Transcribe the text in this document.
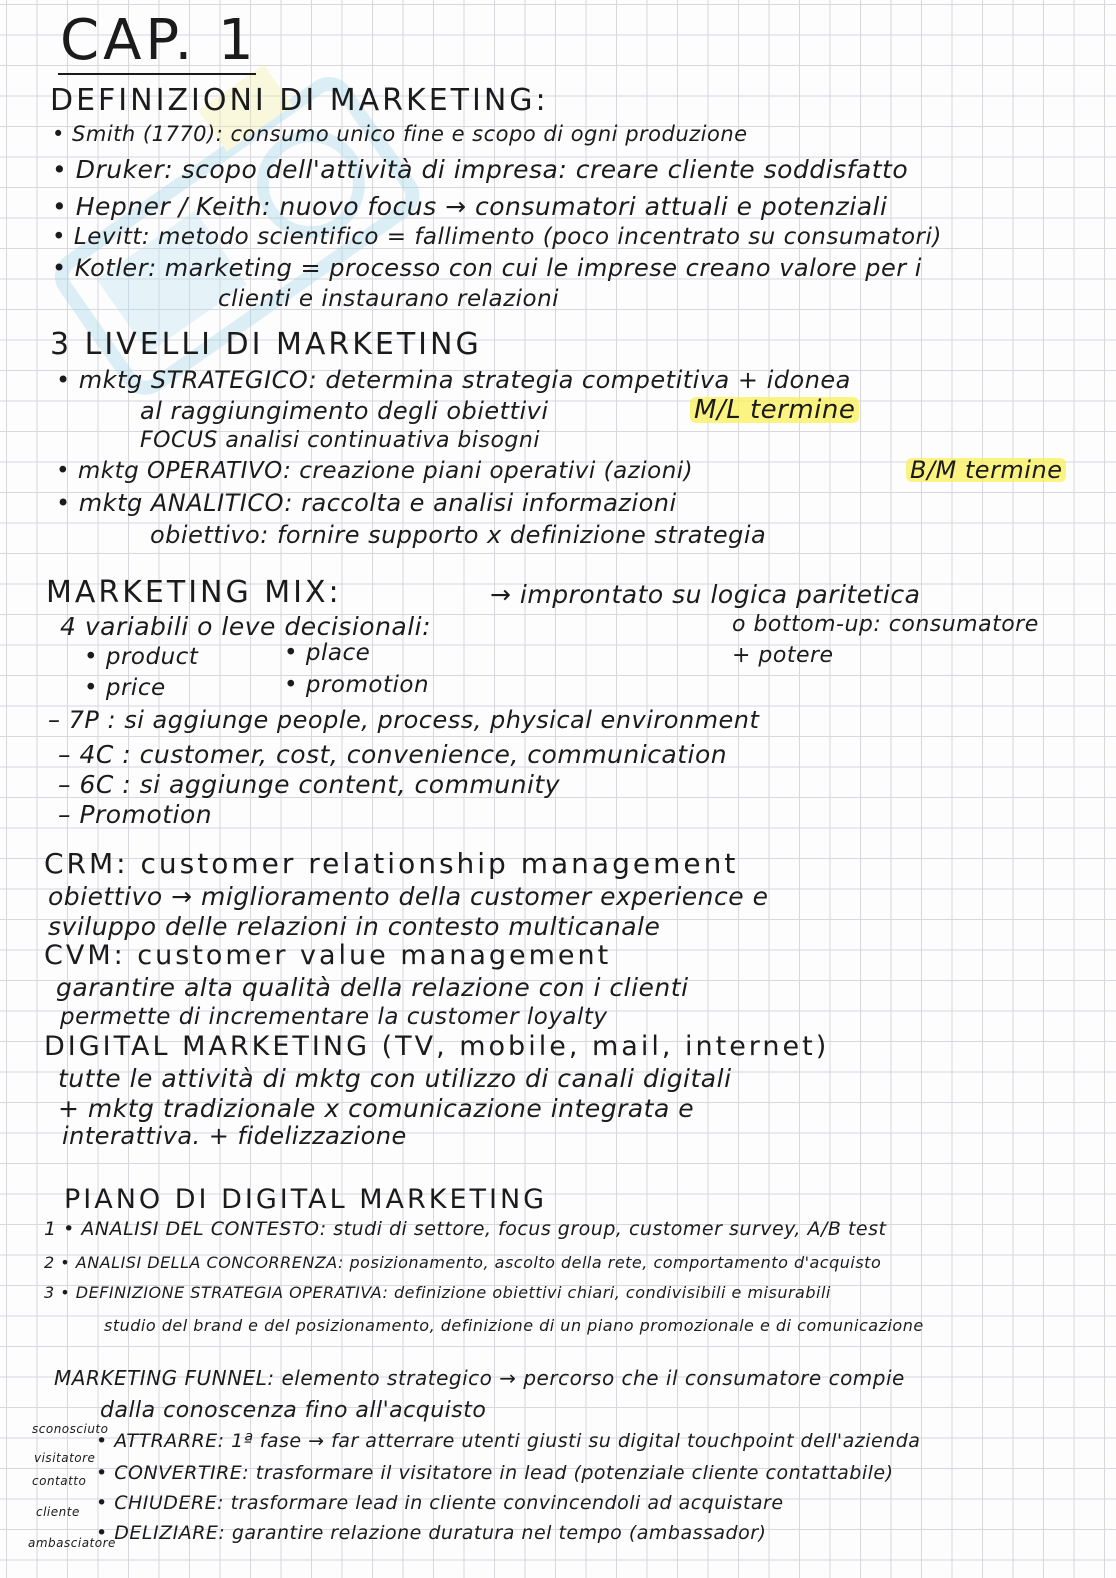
CAP. 1
DEFINIZIONI DI MARKETING:
• Smith (1770): consumo unico fine e scopo di ogni produzione
• Druker: scopo dell'attività di impresa: creare cliente soddisfatto
• Hepner / Keith: nuovo focus → consumatori attuali e potenziali
• Levitt: metodo scientifico = fallimento (poco incentrato su consumatori)
• Kotler: marketing = processo con cui le imprese creano valore per i
clienti e instaurano relazioni
3 LIVELLI DI MARKETING
• mktg STRATEGICO: determina strategia competitiva + idonea
al raggiungimento degli obiettivi	M/L termine
FOCUS analisi continuativa bisogni
• mktg OPERATIVO: creazione piani operativi (azioni)	B/M termine
• mktg ANALITICO: raccolta e analisi informazioni
obiettivo: fornire supporto x definizione strategia
MARKETING MIX:	→ improntato su logica paritetica
4 variabili o leve decisionali:	o bottom-up: consumatore
+ potere
• product	• place
• price	• promotion
– 7P : si aggiunge people, process, physical environment
– 4C : customer, cost, convenience, communication
– 6C : si aggiunge content, community
– Promotion
CRM: customer relationship management
obiettivo → miglioramento della customer experience e
sviluppo delle relazioni in contesto multicanale
CVM: customer value management
garantire alta qualità della relazione con i clienti
permette di incrementare la customer loyalty
DIGITAL MARKETING (TV, mobile, mail, internet)
tutte le attività di mktg con utilizzo di canali digitali
+ mktg tradizionale x comunicazione integrata e
interattiva. + fidelizzazione
PIANO DI DIGITAL MARKETING
1 • ANALISI DEL CONTESTO: studi di settore, focus group, customer survey, A/B test
2 • ANALISI DELLA CONCORRENZA: posizionamento, ascolto della rete, comportamento d'acquisto
3 • DEFINIZIONE STRATEGIA OPERATIVA: definizione obiettivi chiari, condivisibili e misurabili
studio del brand e del posizionamento, definizione di un piano promozionale e di comunicazione
MARKETING FUNNEL: elemento strategico → percorso che il consumatore compie
dalla conoscenza fino all'acquisto
sconosciuto
visitatore
contatto
cliente
ambasciatore
• ATTRARRE: 1ª fase → far atterrare utenti giusti su digital touchpoint dell'azienda
• CONVERTIRE: trasformare il visitatore in lead (potenziale cliente contattabile)
• CHIUDERE: trasformare lead in cliente convincendoli ad acquistare
• DELIZIARE: garantire relazione duratura nel tempo (ambassador)
